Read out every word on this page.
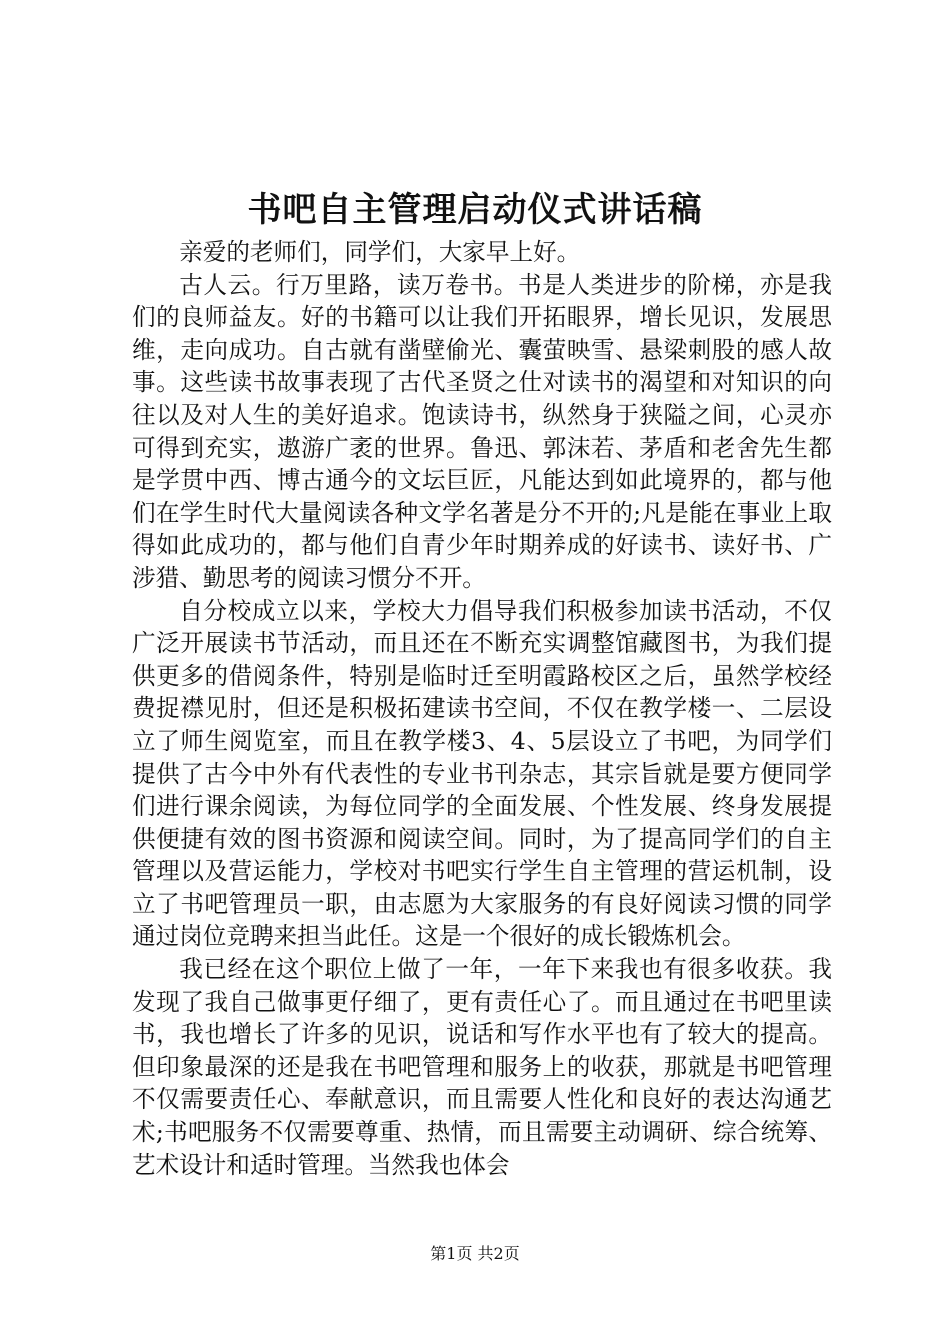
书吧自主管理启动仪式讲话稿

亲爱的老师们，同学们，大家早上好。

古人云。行万里路，读万卷书。书是人类进步的阶梯，亦是我们的良师益友。好的书籍可以让我们开拓眼界，增长见识，发展思维，走向成功。自古就有凿壁偷光、囊萤映雪、悬梁刺股的感人故事。这些读书故事表现了古代圣贤之仕对读书的渴望和对知识的向往以及对人生的美好追求。饱读诗书，纵然身于狭隘之间，心灵亦可得到充实，遨游广袤的世界。鲁迅、郭沫若、茅盾和老舍先生都是学贯中西、博古通今的文坛巨匠，凡能达到如此境界的，都与他们在学生时代大量阅读各种文学名著是分不开的;凡是能在事业上取得如此成功的，都与他们自青少年时期养成的好读书、读好书、广涉猎、勤思考的阅读习惯分不开。

自分校成立以来，学校大力倡导我们积极参加读书活动，不仅广泛开展读书节活动，而且还在不断充实调整馆藏图书，为我们提供更多的借阅条件，特别是临时迁至明霞路校区之后，虽然学校经费捉襟见肘，但还是积极拓建读书空间，不仅在教学楼一、二层设立了师生阅览室，而且在教学楼3、4、5层设立了书吧，为同学们提供了古今中外有代表性的专业书刊杂志，其宗旨就是要方便同学们进行课余阅读，为每位同学的全面发展、个性发展、终身发展提供便捷有效的图书资源和阅读空间。同时，为了提高同学们的自主管理以及营运能力，学校对书吧实行学生自主管理的营运机制，设立了书吧管理员一职，由志愿为大家服务的有良好阅读习惯的同学通过岗位竞聘来担当此任。这是一个很好的成长锻炼机会。

我已经在这个职位上做了一年，一年下来我也有很多收获。我发现了我自己做事更仔细了，更有责任心了。而且通过在书吧里读书，我也增长了许多的见识，说话和写作水平也有了较大的提高。但印象最深的还是我在书吧管理和服务上的收获，那就是书吧管理不仅需要责任心、奉献意识，而且需要人性化和良好的表达沟通艺术;书吧服务不仅需要尊重、热情，而且需要主动调研、综合统筹、艺术设计和适时管理。当然我也体会

第1页 共2页
